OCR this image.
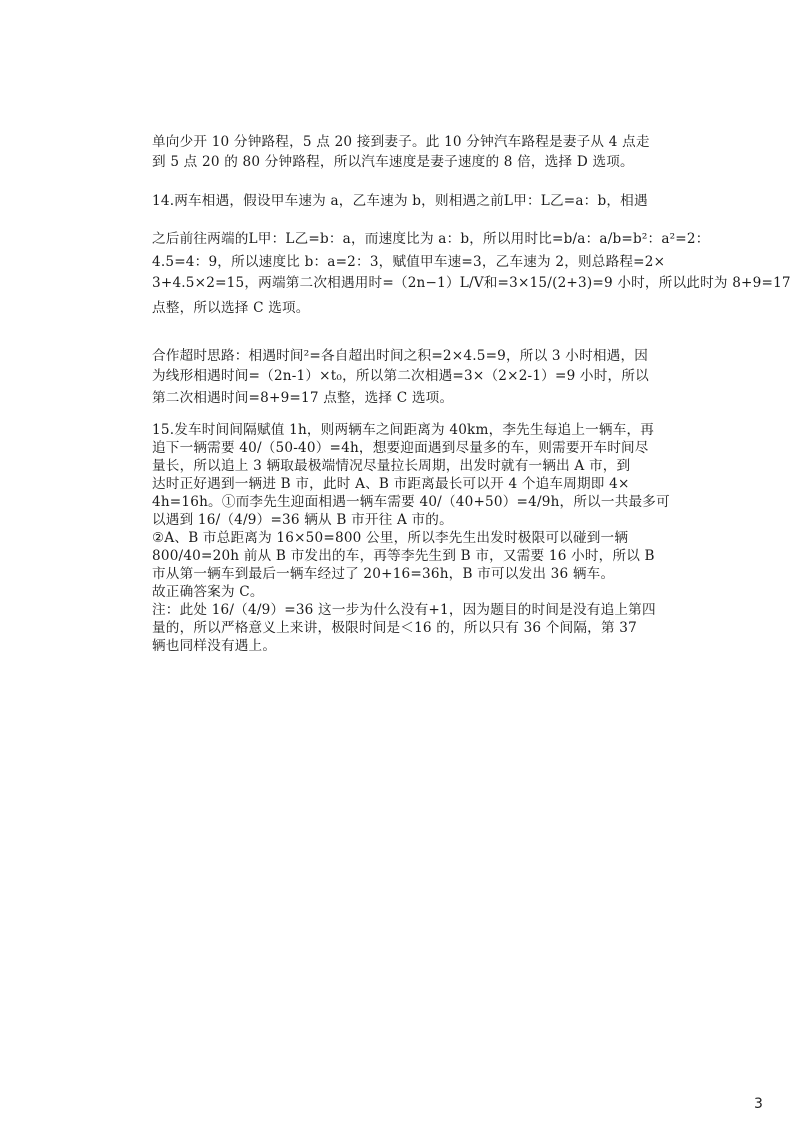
单向少开 10 分钟路程，5 点 20 接到妻子。此 10 分钟汽车路程是妻子从 4 点走
到 5 点 20 的 80 分钟路程，所以汽车速度是妻子速度的 8 倍，选择 D 选项。
14.两车相遇，假设甲车速为 a，乙车速为 b，则相遇之前L甲：L乙=a：b，相遇
之后前往两端的L甲：L乙=b：a，而速度比为 a：b，所以用时比=b/a：a/b=b²：a²=2：
4.5=4：9，所以速度比 b：a=2：3，赋值甲车速=3，乙车速为 2，则总路程=2×
3+4.5×2=15，两端第二次相遇用时=（2n−1）L/V和=3×15/(2+3)=9 小时，所以此时为 8+9=17
点整，所以选择 C 选项。
合作超时思路：相遇时间²=各自超出时间之积=2×4.5=9，所以 3 小时相遇，因
为线形相遇时间=（2n-1）×t₀，所以第二次相遇=3×（2×2-1）=9 小时，所以
第二次相遇时间=8+9=17 点整，选择 C 选项。
15.发车时间间隔赋值 1h，则两辆车之间距离为 40km，李先生每追上一辆车，再
追下一辆需要 40/（50-40）=4h，想要迎面遇到尽量多的车，则需要开车时间尽
量长，所以追上 3 辆取最极端情况尽量拉长周期，出发时就有一辆出 A 市，到
达时正好遇到一辆进 B 市，此时 A、B 市距离最长可以开 4 个追车周期即 4×
4h=16h。①而李先生迎面相遇一辆车需要 40/（40+50）=4/9h，所以一共最多可
以遇到 16/（4/9）=36 辆从 B 市开往 A 市的。
②A、B 市总距离为 16×50=800 公里，所以李先生出发时极限可以碰到一辆
800/40=20h 前从 B 市发出的车，再等李先生到 B 市，又需要 16 小时，所以 B
市从第一辆车到最后一辆车经过了 20+16=36h，B 市可以发出 36 辆车。
故正确答案为 C。
注：此处 16/（4/9）=36 这一步为什么没有+1，因为题目的时间是没有追上第四
量的，所以严格意义上来讲，极限时间是＜16 的，所以只有 36 个间隔，第 37
辆也同样没有遇上。
3
